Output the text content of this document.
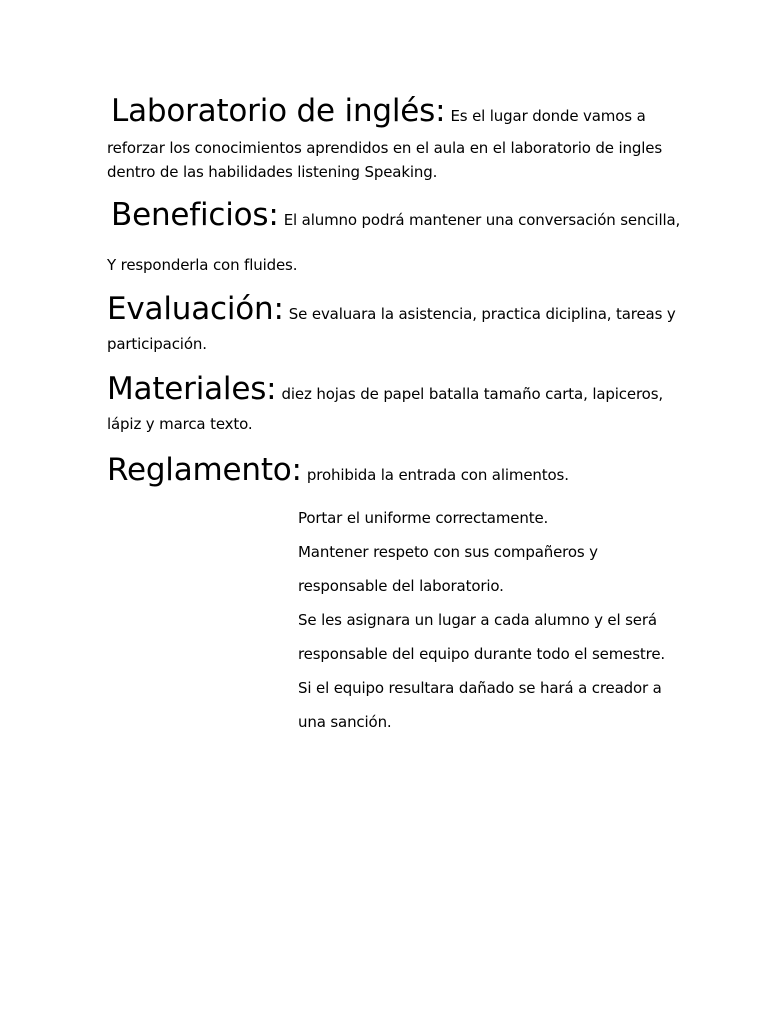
Laboratorio de inglés: Es el lugar donde vamos a
reforzar los conocimientos aprendidos en el aula en el laboratorio de ingles
dentro de las habilidades listening Speaking.
Beneficios: El alumno podrá mantener una conversación sencilla,
Y responderla con fluides.
Evaluación: Se evaluara la asistencia, practica diciplina, tareas y
participación.
Materiales: diez hojas de papel batalla tamaño carta, lapiceros,
lápiz y marca texto.
Reglamento: prohibida la entrada con alimentos.
Portar el uniforme correctamente.
Mantener respeto con sus compañeros y
responsable del laboratorio.
Se les asignara un lugar a cada alumno y el será
responsable del equipo durante todo el semestre.
Si el equipo resultara dañado se hará a creador a
una sanción.
